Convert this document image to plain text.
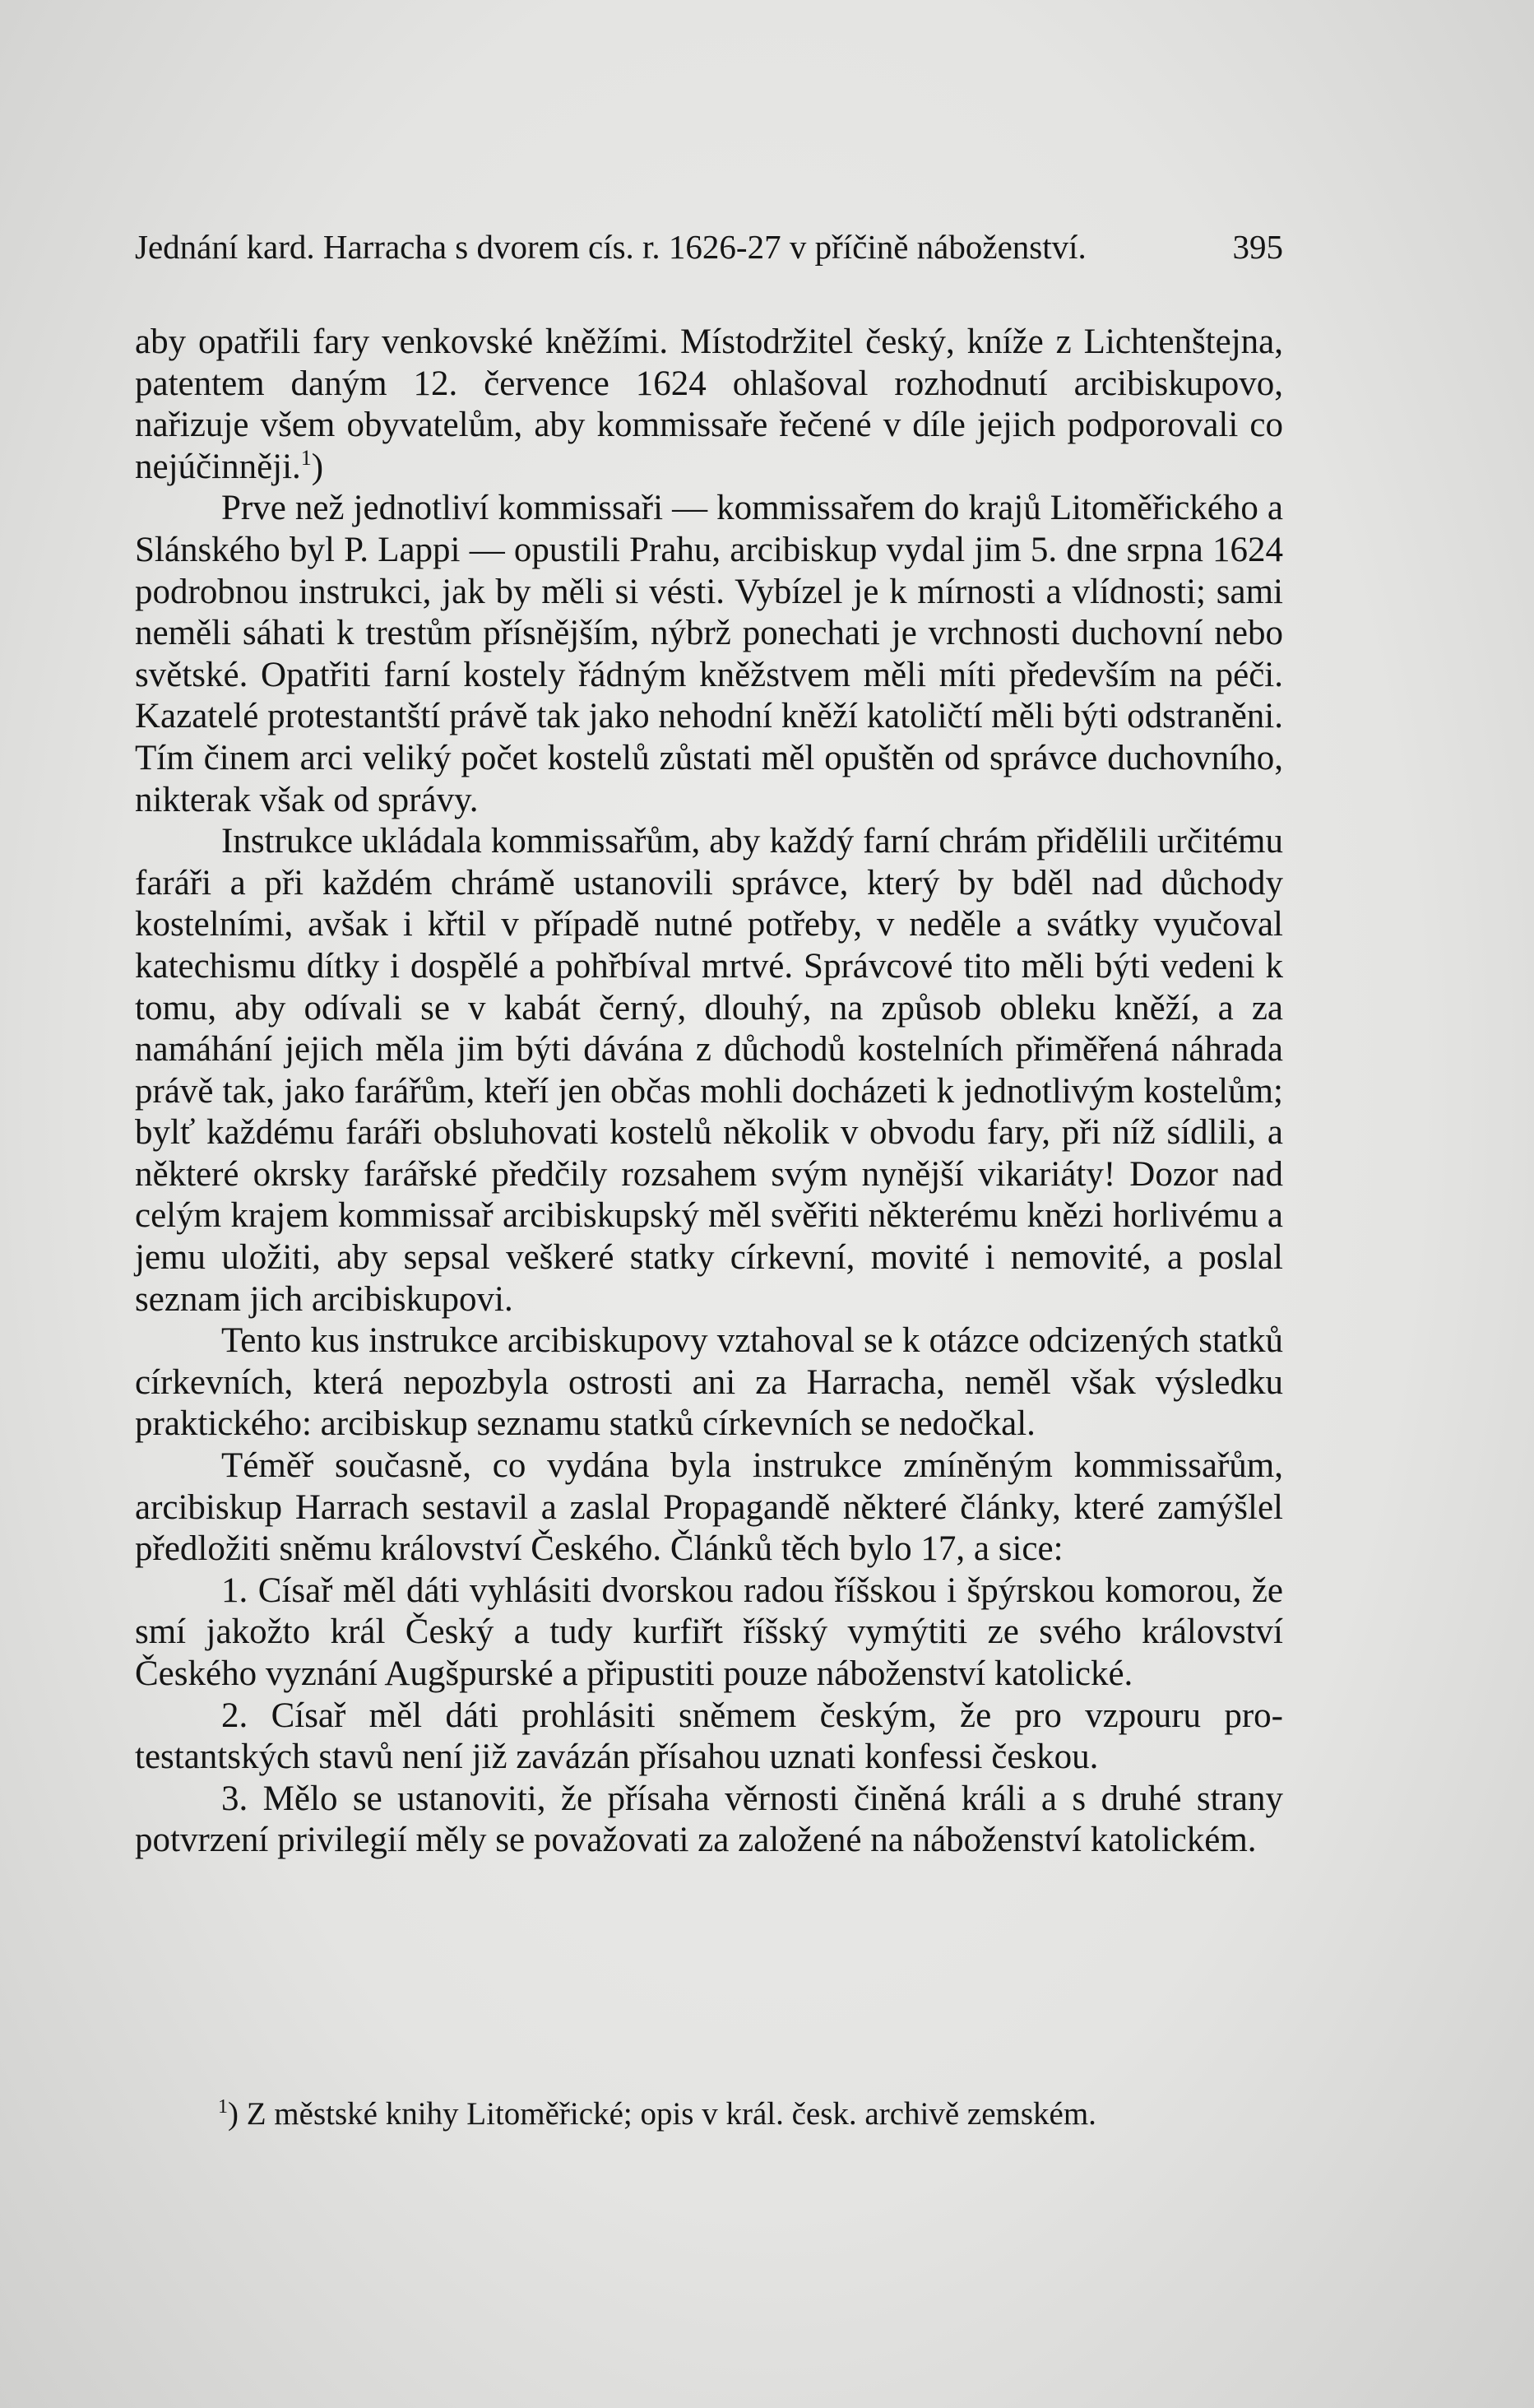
Jednání kard. Harracha s dvorem cís. r. 1626-27 v příčině náboženství.	395

aby opatřili fary venkovské kněžími. Místodržitel český, kníže z Lichtenštejna, patentem daným 12. července 1624 ohlašoval rozhodnutí arcibiskupovo, nařizuje všem obyvatelům, aby kommissaře řečené v díle jejich podporovali co nejúčinněji.$^1$)

Prve než jednotliví kommissaři — kommissařem do krajů Litoměřického a Slánského byl P. Lappi — opustili Prahu, arcibiskup vydal jim 5. dne srpna 1624 podrobnou instrukci, jak by měli si vésti. Vybízel je k mírnosti a vlídnosti; sami neměli sáhati k trestům přísnějším, nýbrž ponechati je vrchnosti duchovní nebo světské. Opatřiti farní kostely řádným kněžstvem měli míti především na péči. Kazatelé protestantští právě tak jako nehodní kněží katoličtí měli býti odstraněni. Tím činem arci veliký počet kostelů zůstati měl opuštěn od správce duchovního, nikterak však od správy.

Instrukce ukládala kommissařům, aby každý farní chrám přidělili určitému faráři a při každém chrámě ustanovili správce, který by bděl nad důchody kostelními, avšak i křtil v případě nutné potřeby, v neděle a svátky vyučoval katechismu dítky i dospělé a pohřbíval mrtvé. Správcové tito měli býti vedeni k tomu, aby odívali se v kabát černý, dlouhý, na způsob obleku kněží, a za namáhání jejich měla jim býti dávána z důchodů kostelních přiměřená náhrada právě tak, jako farářům, kteří jen občas mohli docházeti k jednotlivým kostelům; bylť každému faráři obsluhovati kostelů několik v obvodu fary, při níž sídlili, a některé okrsky farářské předčily rozsahem svým nynější vikariáty! Dozor nad celým krajem kommissař arcibiskupský měl svěřiti některému knězi horlivému a jemu uložiti, aby sepsal veškeré statky církevní, movité i nemovité, a poslal seznam jich arcibiskupovi.

Tento kus instrukce arcibiskupovy vztahoval se k otázce odcizených statků církevních, která nepozbyla ostrosti ani za Harracha, neměl však výsledku praktického: arcibiskup seznamu statků církevních se nedočkal.

Téměř současně, co vydána byla instrukce zmíněným kommissařům, arcibiskup Harrach sestavil a zaslal Propagandě některé články, které zamýšlel předložiti sněmu království Českého. Článků těch bylo 17, a sice:

1. Císař měl dáti vyhlásiti dvorskou radou říšskou i špýrskou komorou, že smí jakožto král Český a tudy kurfiřt říšský vymýtiti ze svého království Českého vyznání Augšpurské a připustiti pouze náboženství katolické.

2. Císař měl dáti prohlásiti sněmem českým, že pro vzpouru protestantských stavů není již zavázán přísahou uznati konfessi českou.

3. Mělo se ustanoviti, že přísaha věrnosti činěná králi a s druhé strany potvrzení privilegií měly se považovati za založené na náboženství katolickém.

$^1$) Z městské knihy Litoměřické; opis v král. česk. archivě zemském.
